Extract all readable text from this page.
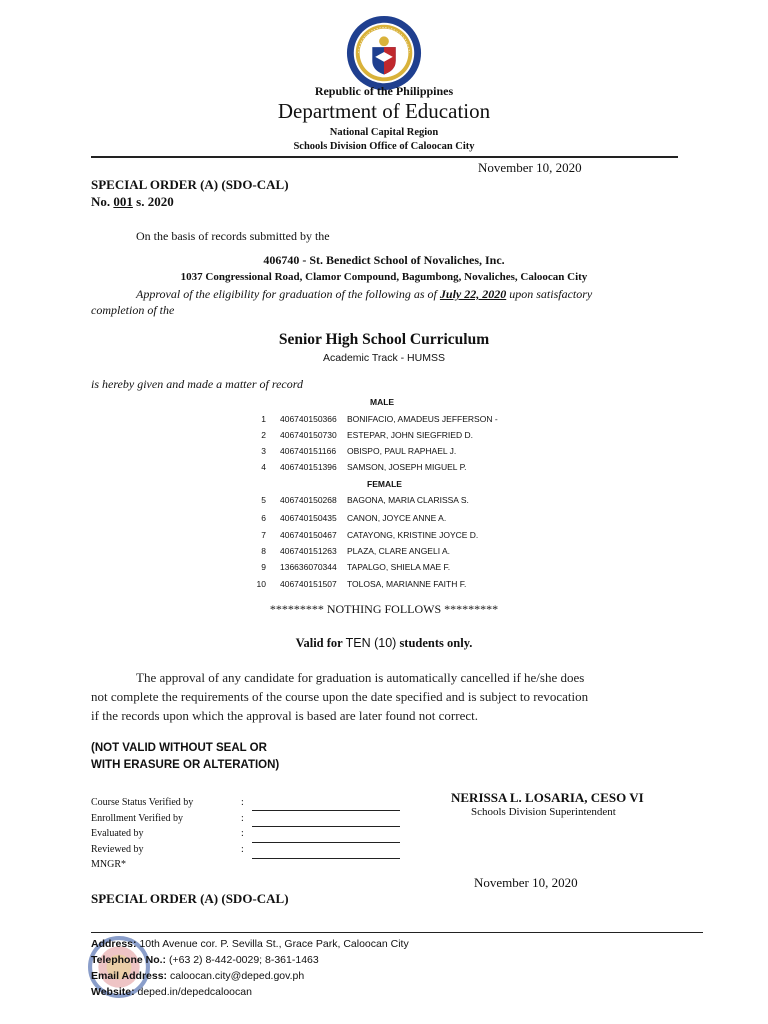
Republic of the Philippines
Department of Education
National Capital Region
Schools Division Office of Caloocan City
November 10, 2020
SPECIAL ORDER (A) (SDO-CAL)
No. 001 s. 2020
On the basis of records submitted by the
406740 - St. Benedict School of Novaliches, Inc.
1037 Congressional Road, Clamor Compound, Bagumbong, Novaliches, Caloocan City
Approval of the eligibility for graduation of the following as of July 22, 2020 upon satisfactory
completion of the
Senior High School Curriculum
Academic Track - HUMSS
is hereby given and made a matter of record
MALE
1 406740150366 BONIFACIO, AMADEUS JEFFERSON -
2 406740150730 ESTEPAR, JOHN SIEGFRIED D.
3 406740151166 OBISPO, PAUL RAPHAEL J.
4 406740151396 SAMSON, JOSEPH MIGUEL P.
FEMALE
5 406740150268 BAGONA, MARIA CLARISSA S.
6 406740150435 CANON, JOYCE ANNE A.
7 406740150467 CATAYONG, KRISTINE JOYCE D.
8 406740151263 PLAZA, CLARE ANGELI A.
9 136636070344 TAPALGO, SHIELA MAE F.
10 406740151507 TOLOSA, MARIANNE FAITH F.
********* NOTHING FOLLOWS *********
Valid for TEN (10) students only.
The approval of any candidate for graduation is automatically cancelled if he/she does
not complete the requirements of the course upon the date specified and is subject to revocation
if the records upon which the approval is based are later found not correct.
(NOT VALID WITHOUT SEAL OR
WITH ERASURE OR ALTERATION)
Course Status Verified by	:
Enrollment Verified by	:
Evaluated by	:
Reviewed by	:
MNGR*
NERISSA L. LOSARIA, CESO VI
Schools Division Superintendent
November 10, 2020
SPECIAL ORDER (A) (SDO-CAL)
Address: 10th Avenue cor. P. Sevilla St., Grace Park, Caloocan City
Telephone No.: (+63 2) 8-442-0029; 8-361-1463
Email Address: caloocan.city@deped.gov.ph
Website: deped.in/depedcaloocan
